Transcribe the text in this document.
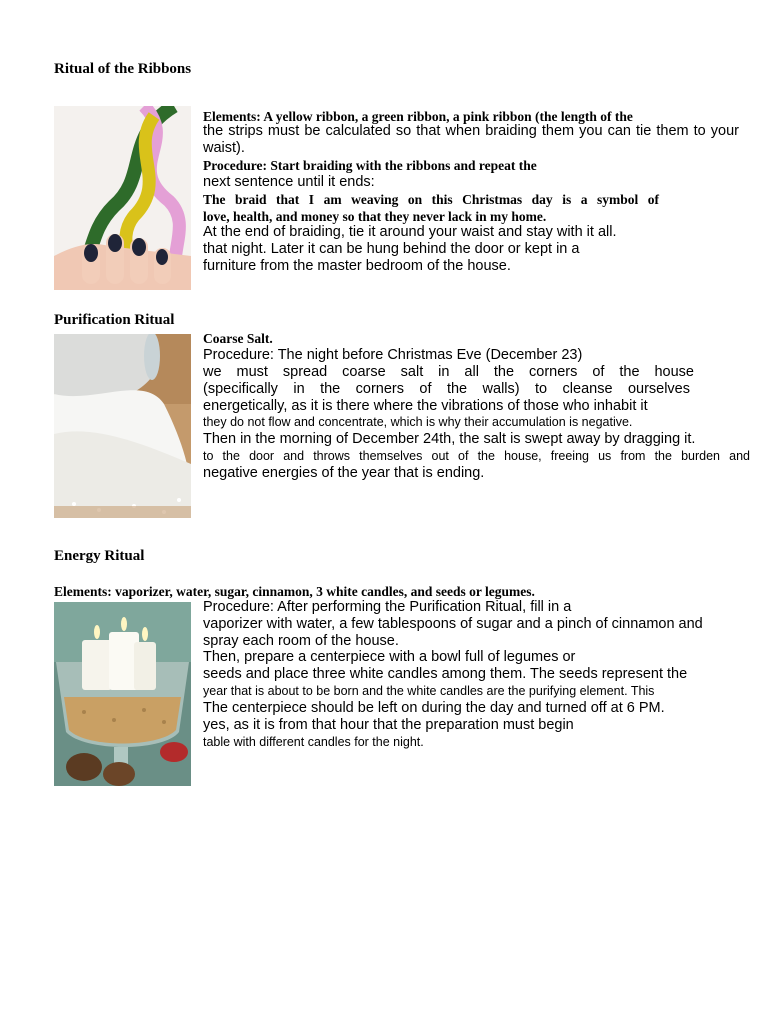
Ritual of the Ribbons
Elements: A yellow ribbon, a green ribbon, a pink ribbon (the length of the
the strips must be calculated so that when braiding them you can tie them to your
waist).
Procedure: Start braiding with the ribbons and repeat the
next sentence until it ends:
The braid that I am weaving on this Christmas day is a symbol of
love, health, and money so that they never lack in my home.
At the end of braiding, tie it around your waist and stay with it all.
that night. Later it can be hung behind the door or kept in a
furniture from the master bedroom of the house.
Purification Ritual
Coarse Salt.
Procedure: The night before Christmas Eve (December 23)
we must spread coarse salt in all the corners of the house
(specifically in the corners of the walls) to cleanse ourselves
energetically, as it is there where the vibrations of those who inhabit it
they do not flow and concentrate, which is why their accumulation is negative.
Then in the morning of December 24th, the salt is swept away by dragging it.
to the door and throws themselves out of the house, freeing us from the burden and
negative energies of the year that is ending.
Energy Ritual
Elements: vaporizer, water, sugar, cinnamon, 3 white candles, and seeds or legumes.
Procedure: After performing the Purification Ritual, fill in a
vaporizer with water, a few tablespoons of sugar and a pinch of cinnamon and
spray each room of the house.
Then, prepare a centerpiece with a bowl full of legumes or
seeds and place three white candles among them. The seeds represent the
year that is about to be born and the white candles are the purifying element. This
The centerpiece should be left on during the day and turned off at 6 PM.
yes, as it is from that hour that the preparation must begin
table with different candles for the night.
